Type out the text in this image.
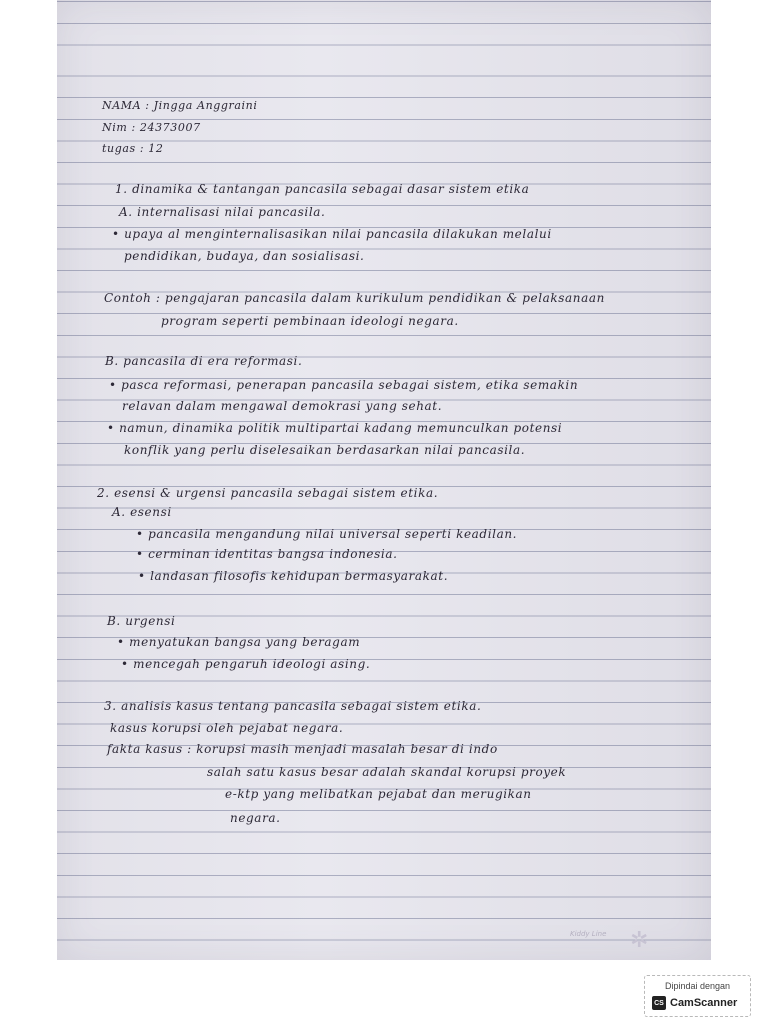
NAMA : Jingga Anggraini
Nim : 24373007
tugas : 12
1. dinamika & tantangan pancasila sebagai dasar sistem etika
A. internalisasi nilai pancasila.
• upaya al menginternalisasikan nilai pancasila dilakukan melalui
pendidikan, budaya, dan sosialisasi.
Contoh : pengajaran pancasila dalam kurikulum pendidikan & pelaksanaan
program seperti pembinaan ideologi negara.
B. pancasila di era reformasi.
• pasca reformasi, penerapan pancasila sebagai sistem, etika semakin
relavan dalam mengawal demokrasi yang sehat.
• namun, dinamika politik multipartai kadang memunculkan potensi
konflik yang perlu diselesaikan berdasarkan nilai pancasila.
2. esensi & urgensi pancasila sebagai sistem etika.
A. esensi
• pancasila mengandung nilai universal seperti keadilan.
• cerminan identitas bangsa indonesia.
• landasan filosofis kehidupan bermasyarakat.
B. urgensi
• menyatukan bangsa yang beragam
• mencegah pengaruh ideologi asing.
3. analisis kasus tentang pancasila sebagai sistem etika.
kasus korupsi oleh pejabat negara.
fakta kasus : korupsi masih menjadi masalah besar di indo
salah satu kasus besar adalah skandal korupsi proyek
e-ktp yang melibatkan pejabat dan merugikan
negara.
Kiddy Line ✲
Dipindai dengan
CS CamScanner
